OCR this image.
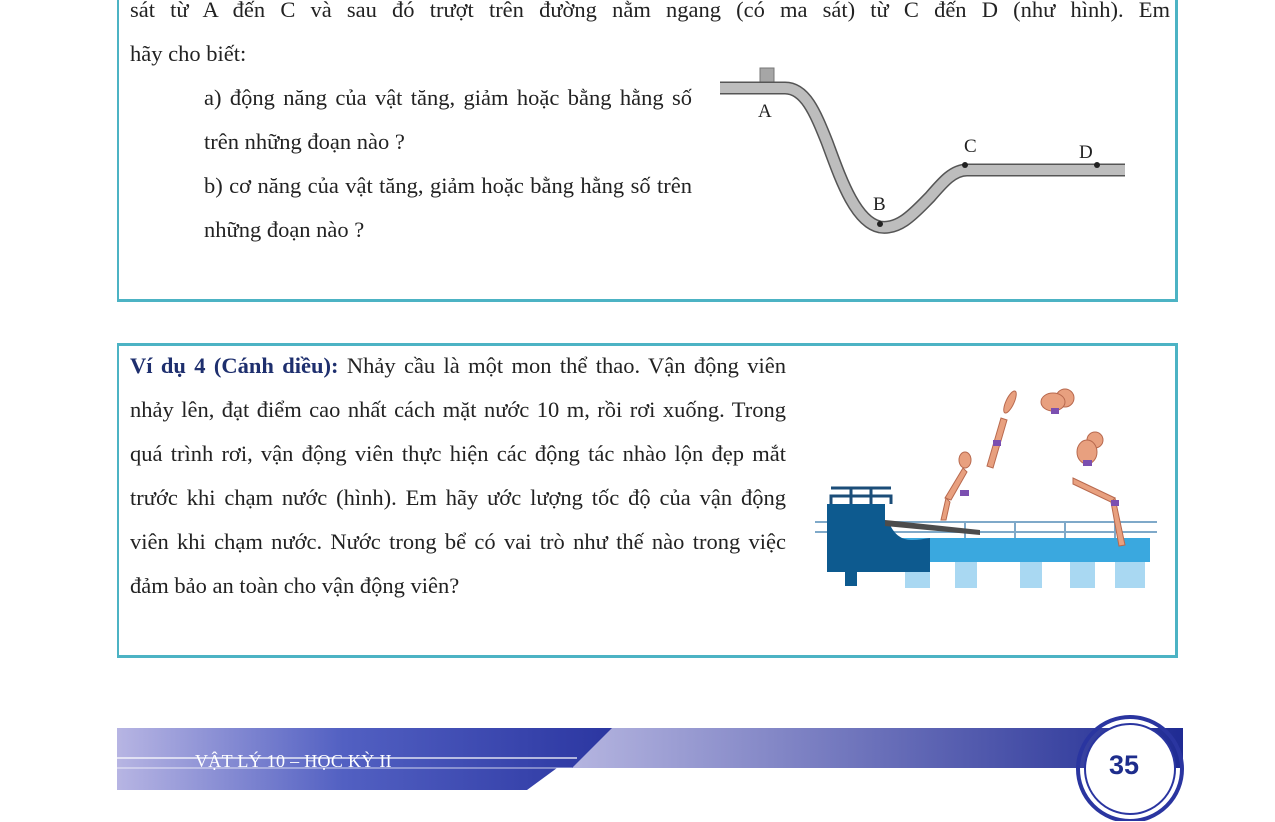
sát từ A đến C và sau đó trượt trên đường nằm ngang (có ma sát) từ C đến D (như hình). Em
hãy cho biết:
a) động năng của vật tăng, giảm hoặc bằng hằng số trên những đoạn nào ?
b) cơ năng của vật tăng, giảm hoặc bằng hằng số trên những đoạn nào ?
A
B
C	D
Ví dụ 4 (Cánh diều): Nhảy cầu là một mon thể thao. Vận động viên nhảy lên, đạt điểm cao nhất cách mặt nước 10 m, rồi rơi xuống. Trong quá trình rơi, vận động viên thực hiện các động tác nhào lộn đẹp mắt trước khi chạm nước (hình). Em hãy ước lượng tốc độ của vận động viên khi chạm nước. Nước trong bể có vai trò như thế nào trong việc đảm bảo an toàn cho vận động viên?
VẬT LÝ 10 – HỌC KỲ II	35
